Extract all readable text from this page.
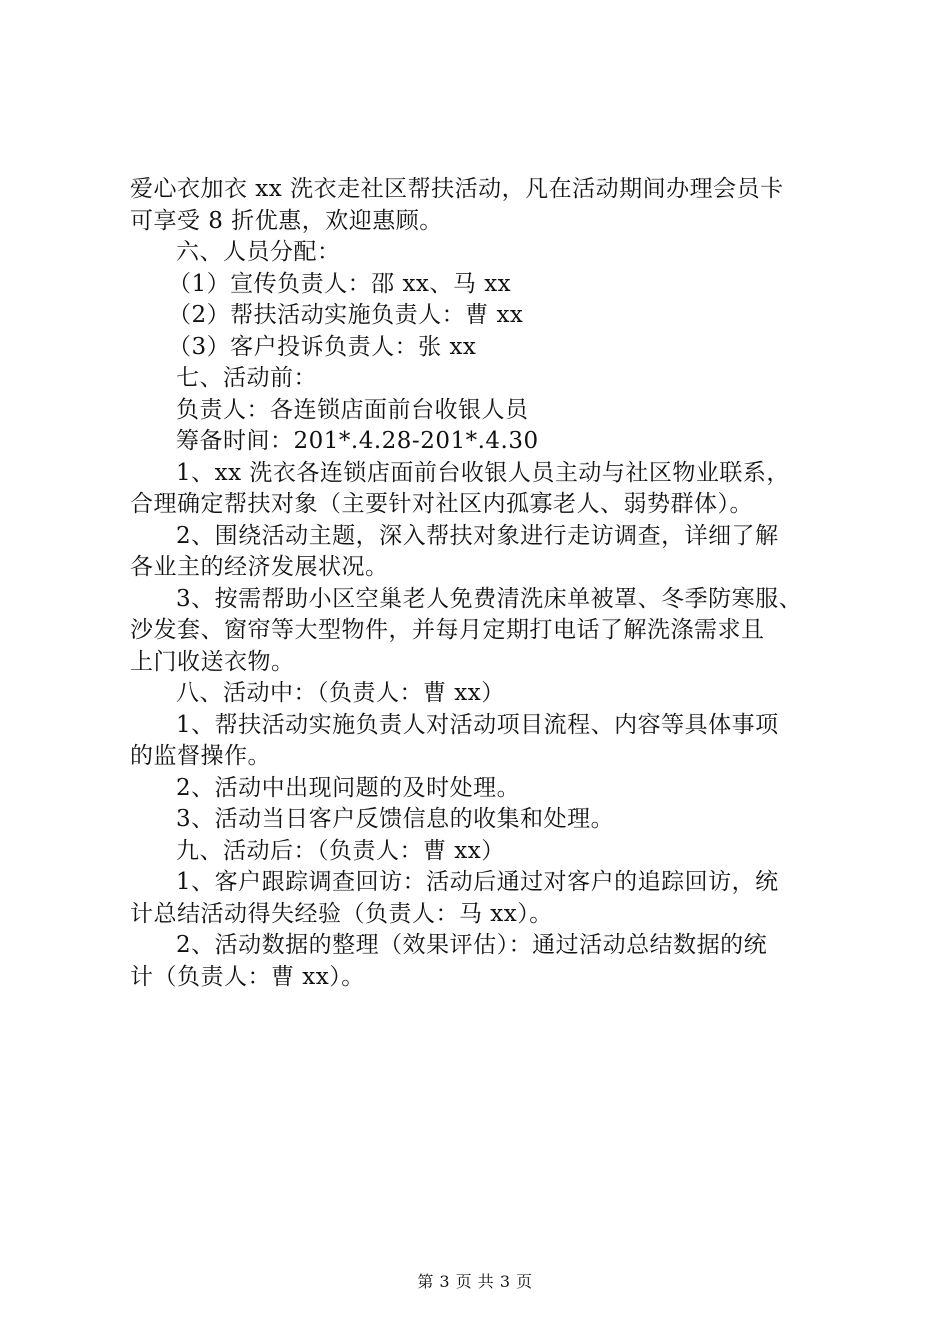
爱心衣加衣 xx 洗衣走社区帮扶活动，凡在活动期间办理会员卡
可享受 8 折优惠，欢迎惠顾。
六、人员分配：
（1）宣传负责人：邵 xx、马 xx
（2）帮扶活动实施负责人：曹 xx
（3）客户投诉负责人：张 xx
七、活动前：
负责人：各连锁店面前台收银人员
筹备时间：201*.4.28-201*.4.30
1、xx 洗衣各连锁店面前台收银人员主动与社区物业联系，
合理确定帮扶对象（主要针对社区内孤寡老人、弱势群体）。
2、围绕活动主题，深入帮扶对象进行走访调查，详细了解
各业主的经济发展状况。
3、按需帮助小区空巢老人免费清洗床单被罩、冬季防寒服、
沙发套、窗帘等大型物件，并每月定期打电话了解洗涤需求且
上门收送衣物。
八、活动中：（负责人：曹 xx）
1、帮扶活动实施负责人对活动项目流程、内容等具体事项
的监督操作。
2、活动中出现问题的及时处理。
3、活动当日客户反馈信息的收集和处理。
九、活动后：（负责人：曹 xx）
1、客户跟踪调查回访：活动后通过对客户的追踪回访，统
计总结活动得失经验（负责人：马 xx）。
2、活动数据的整理（效果评估）：通过活动总结数据的统
计（负责人：曹 xx）。
第 3 页 共 3 页
